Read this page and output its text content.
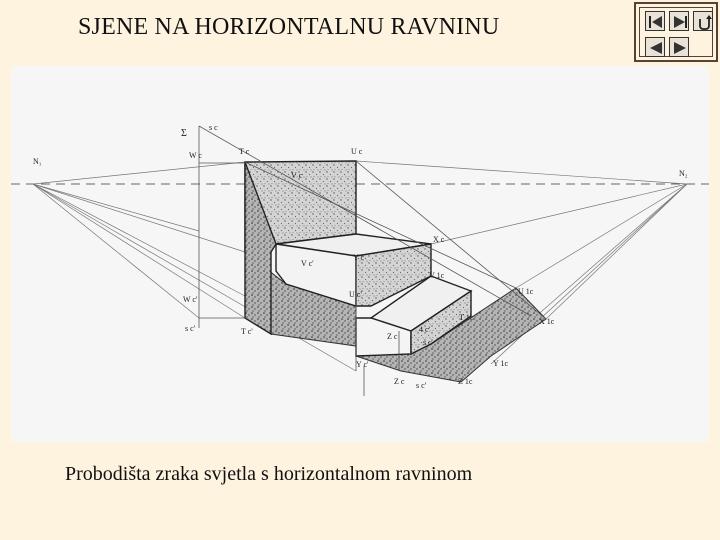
SJENE NA HORIZONTALNU RAVNINU
N₁
N₂
Σ
s c
W c	T c	U c
V c
X c
Y c
V 1c
V c'
U c'	U 1c
X 1c
W c'
s c'	T c'
T 1c
Z c
4 c'
s c
Y 1c
Y c'
Z c s c'	Z 1c
Probodišta zraka svjetla s horizontalnom ravninom
